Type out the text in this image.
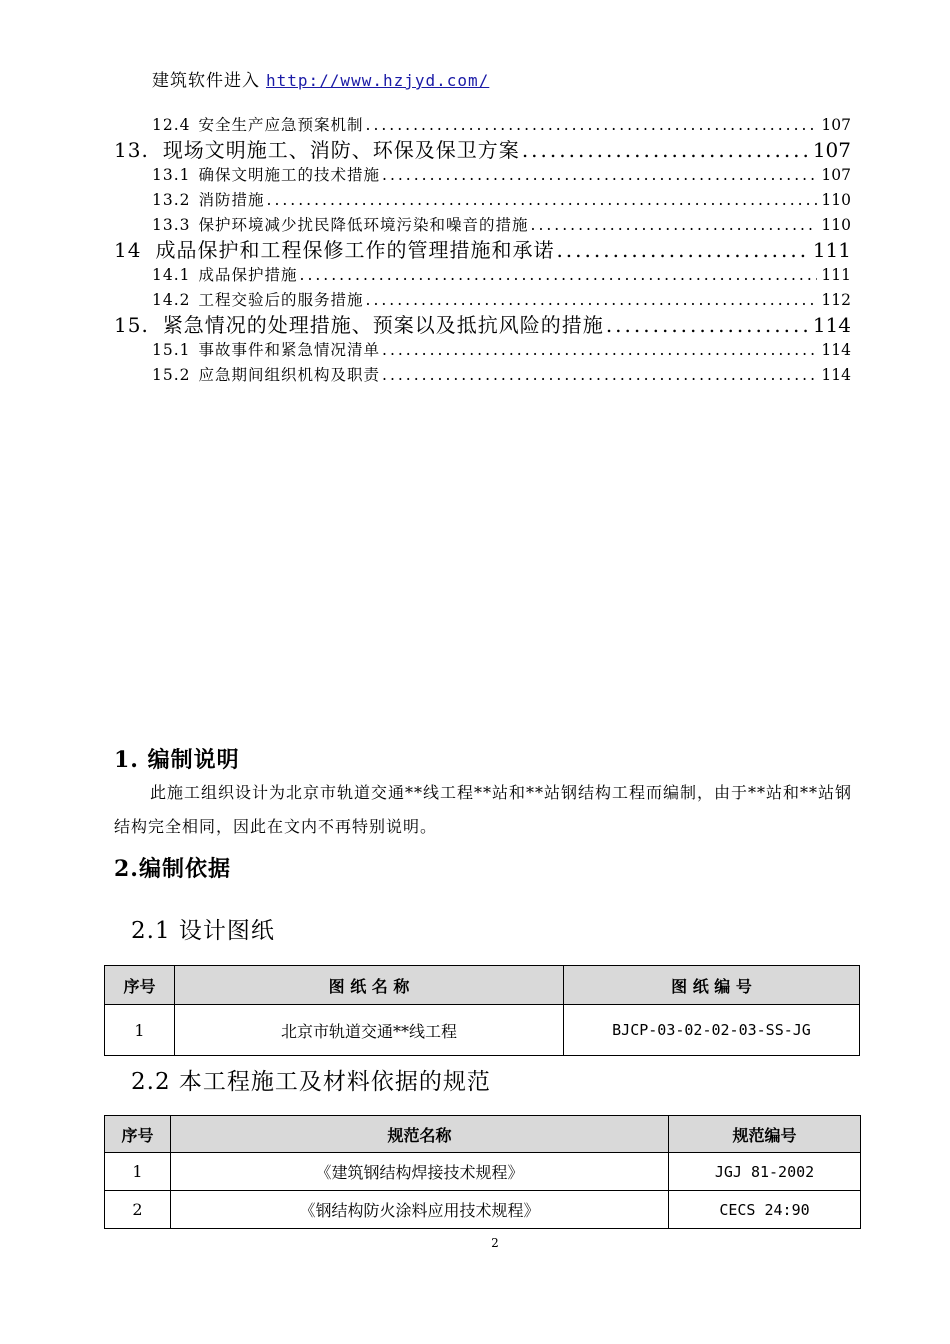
建筑软件进入 http://www.hzjyd.com/
12.4 安全生产应急预案机制 .....	107
13. 现场文明施工、消防、环保及保卫方案 .....	107
13.1 确保文明施工的技术措施 .....	107
13.2 消防措施 .....	110
13.3 保护环境减少扰民降低环境污染和噪音的措施 .....	110
14 成品保护和工程保修工作的管理措施和承诺 .....	111
14.1 成品保护措施 .....	111
14.2 工程交验后的服务措施 .....	112
15. 紧急情况的处理措施、预案以及抵抗风险的措施 .....	114
15.1 事故事件和紧急情况清单 .....	114
15.2 应急期间组织机构及职责 .....	114
1. 编制说明
此施工组织设计为北京市轨道交通**线工程**站和**站钢结构工程而编制，由于**站和**站钢结构完全相同，因此在文内不再特别说明。
2.编制依据
2.1 设计图纸
序号	图 纸 名 称	图 纸 编 号
1	北京市轨道交通**线工程	BJCP-03-02-02-03-SS-JG
2.2 本工程施工及材料依据的规范
序号	规范名称	规范编号
1	《建筑钢结构焊接技术规程》	JGJ 81-2002
2	《钢结构防火涂料应用技术规程》	CECS 24:90
2
